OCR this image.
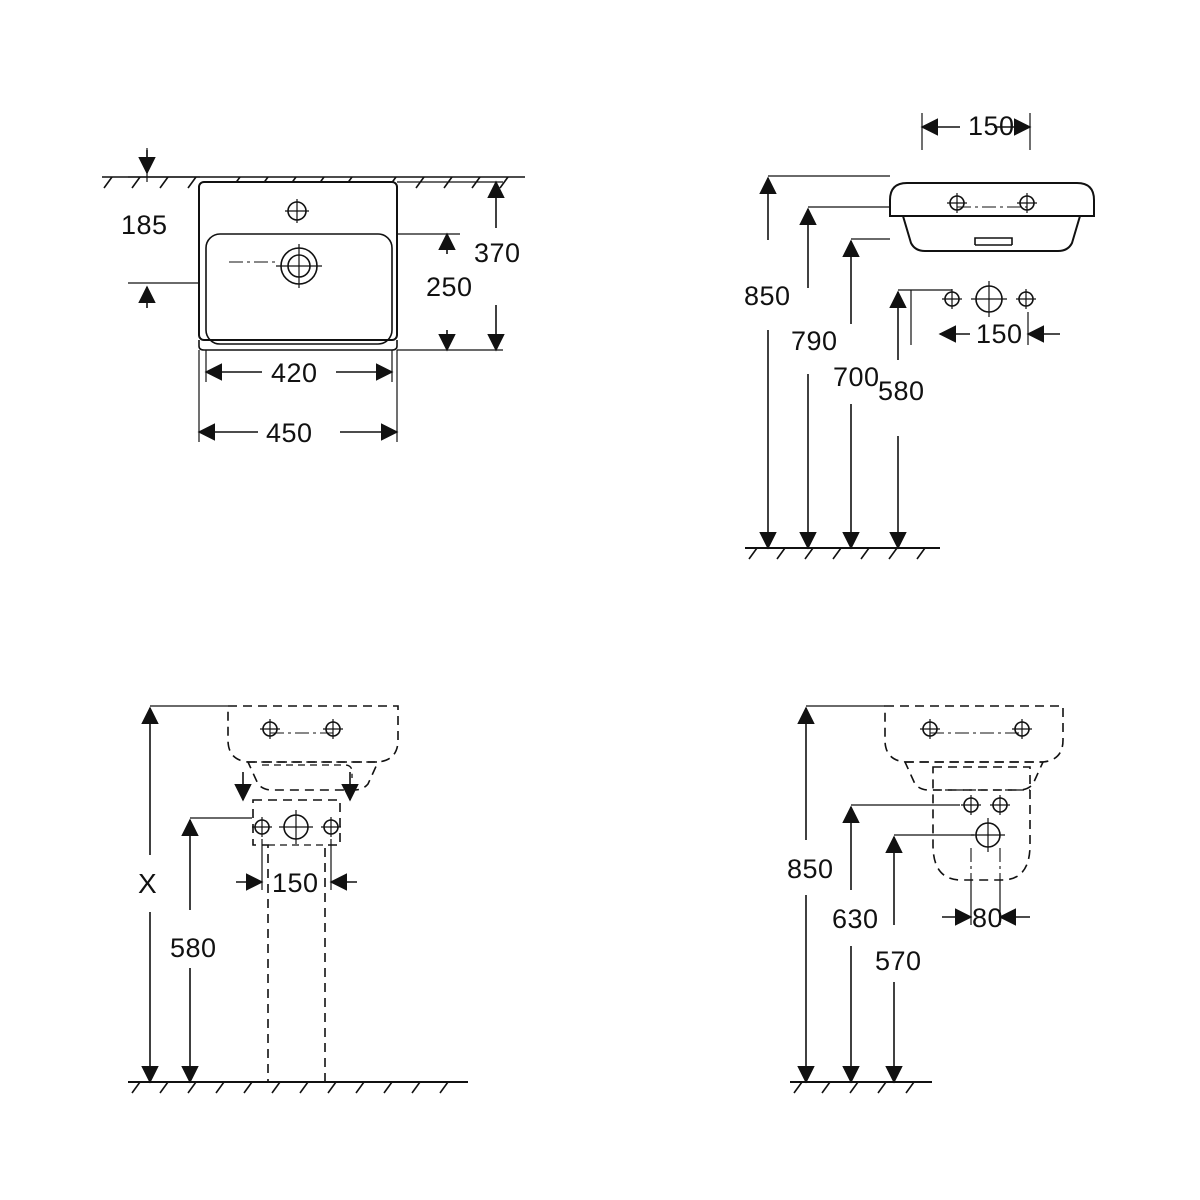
185
370
250
420
450
150
150
850
790
700
580
150
X
580
80
850
630
570
